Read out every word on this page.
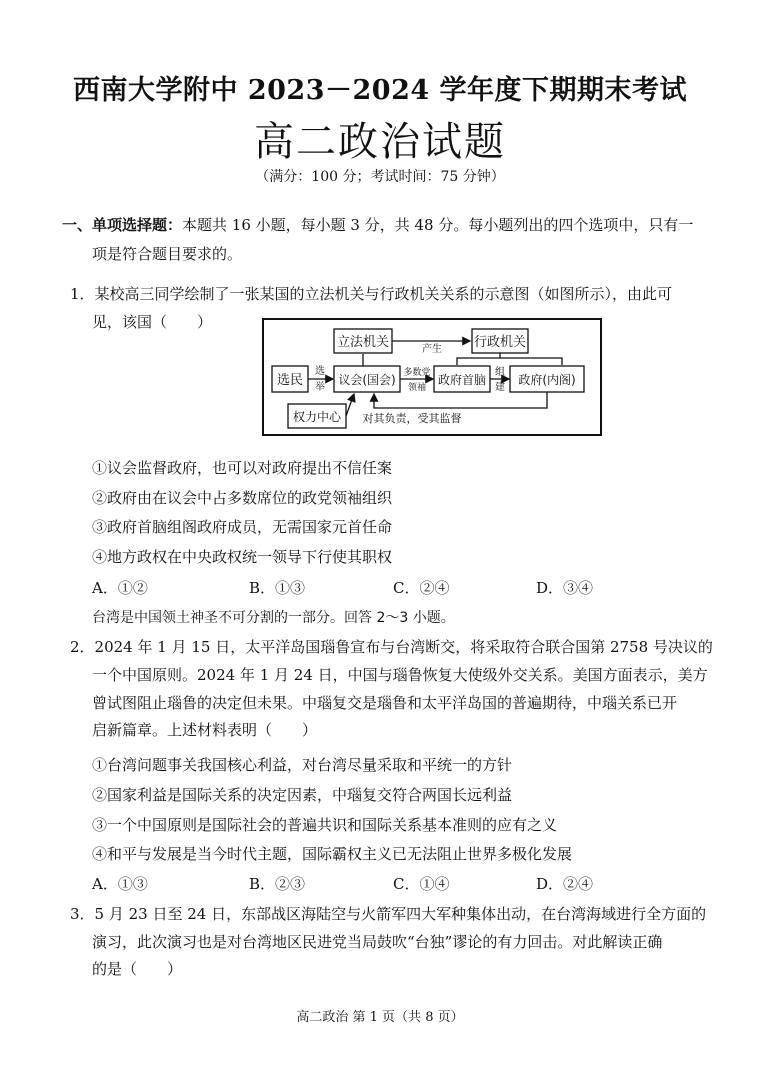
西南大学附中 2023－2024 学年度下期期末考试
高二政治试题
（满分：100 分；考试时间：75 分钟）
一、单项选择题：本题共 16 小题，每小题 3 分，共 48 分。每小题列出的四个选项中，只有一
项是符合题目要求的。
1．某校高三同学绘制了一张某国的立法机关与行政机关关系的示意图（如图所示），由此可
见，该国（　　）
选民
立法机关
议会(国会)
行政机关
政府首脑	政府(内阁)
权力中心
选
举
产生
多数党
领袖
组
建
对其负责，受其监督
①议会监督政府，也可以对政府提出不信任案
②政府由在议会中占多数席位的政党领袖组织
③政府首脑组阁政府成员，无需国家元首任命
④地方政权在中央政权统一领导下行使其职权
A．①②	B．①③	C．②④	D．③④
台湾是中国领土神圣不可分割的一部分。回答 2～3 小题。
2．2024 年 1 月 15 日，太平洋岛国瑙鲁宣布与台湾断交，将采取符合联合国第 2758 号决议的
一个中国原则。2024 年 1 月 24 日，中国与瑙鲁恢复大使级外交关系。美国方面表示，美方
曾试图阻止瑙鲁的决定但未果。中瑙复交是瑙鲁和太平洋岛国的普遍期待，中瑙关系已开
启新篇章。上述材料表明（　　）
①台湾问题事关我国核心利益，对台湾尽量采取和平统一的方针
②国家利益是国际关系的决定因素，中瑙复交符合两国长远利益
③一个中国原则是国际社会的普遍共识和国际关系基本准则的应有之义
④和平与发展是当今时代主题，国际霸权主义已无法阻止世界多极化发展
A．①③	B．②③	C．①④	D．②④
3．5 月 23 日至 24 日，东部战区海陆空与火箭军四大军种集体出动，在台湾海域进行全方面的
演习，此次演习也是对台湾地区民进党当局鼓吹“台独”谬论的有力回击。对此解读正确
的是（　　）
高二政治 第 1 页（共 8 页）
